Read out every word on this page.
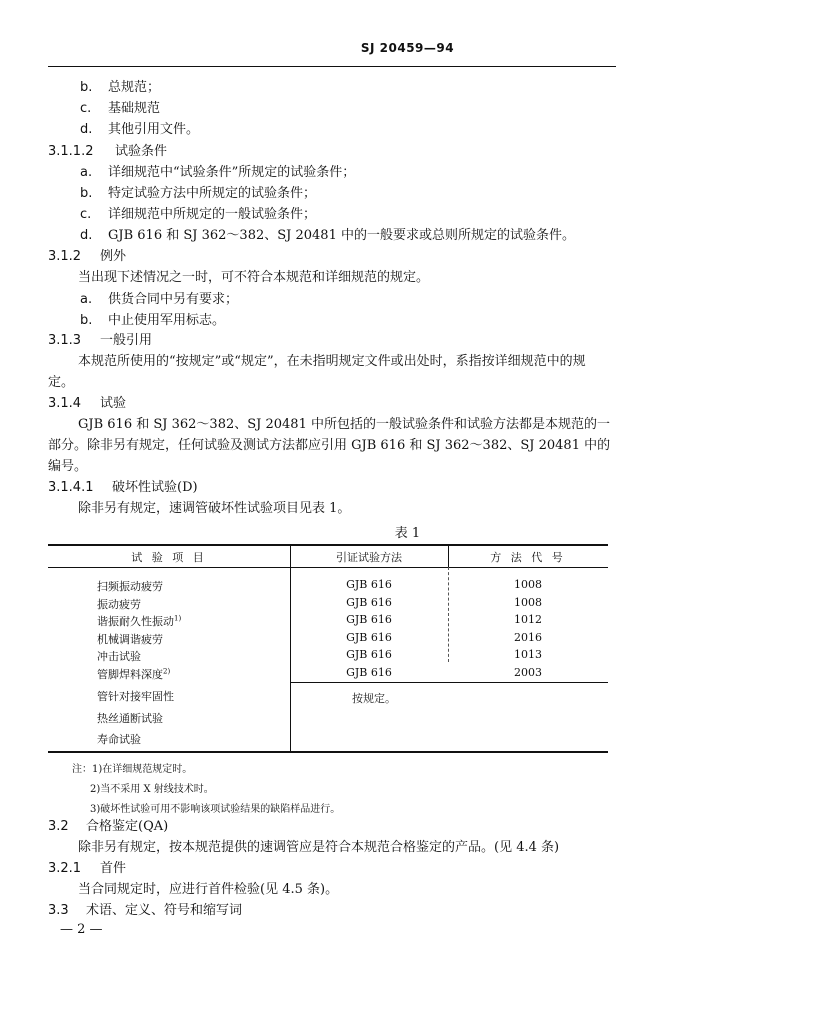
SJ 20459—94
b. 总规范；
c. 基础规范
d. 其他引用文件。
3.1.1.2 试验条件
a. 详细规范中“试验条件”所规定的试验条件；
b. 特定试验方法中所规定的试验条件；
c. 详细规范中所规定的一般试验条件；
d. GJB 616 和 SJ 362～382、SJ 20481 中的一般要求或总则所规定的试验条件。
3.1.2 例外
当出现下述情况之一时，可不符合本规范和详细规范的规定。
a. 供货合同中另有要求；
b. 中止使用军用标志。
3.1.3 一般引用
本规范所使用的“按规定”或“规定”，在未指明规定文件或出处时，系指按详细规范中的规
定。
3.1.4 试验
GJB 616 和 SJ 362～382、SJ 20481 中所包括的一般试验条件和试验方法都是本规范的一
部分。除非另有规定，任何试验及测试方法都应引用 GJB 616 和 SJ 362～382、SJ 20481 中的
编号。
3.1.4.1 破坏性试验(D)
除非另有规定，速调管破坏性试验项目见表 1。
表 1
试 验 项 目	引证试验方法	方 法 代 号
扫频振动疲劳	GJB 616	1008
振动疲劳	GJB 616	1008
谐振耐久性振动$^{1)}$	GJB 616	1012
机械调谐疲劳	GJB 616	2016
冲击试验	GJB 616	1013
管脚焊料深度$^{2)}$	GJB 616	2003
管针对接牢固性
热丝通断试验
寿命试验
按规定。
注：1)在详细规范规定时。
2)当不采用 X 射线技术时。
3)破坏性试验可用不影响该项试验结果的缺陷样品进行。
3.2 合格鉴定(QA)
除非另有规定，按本规范提供的速调管应是符合本规范合格鉴定的产品。(见 4.4 条)
3.2.1 首件
当合同规定时，应进行首件检验(见 4.5 条)。
3.3 术语、定义、符号和缩写词
— 2 —
